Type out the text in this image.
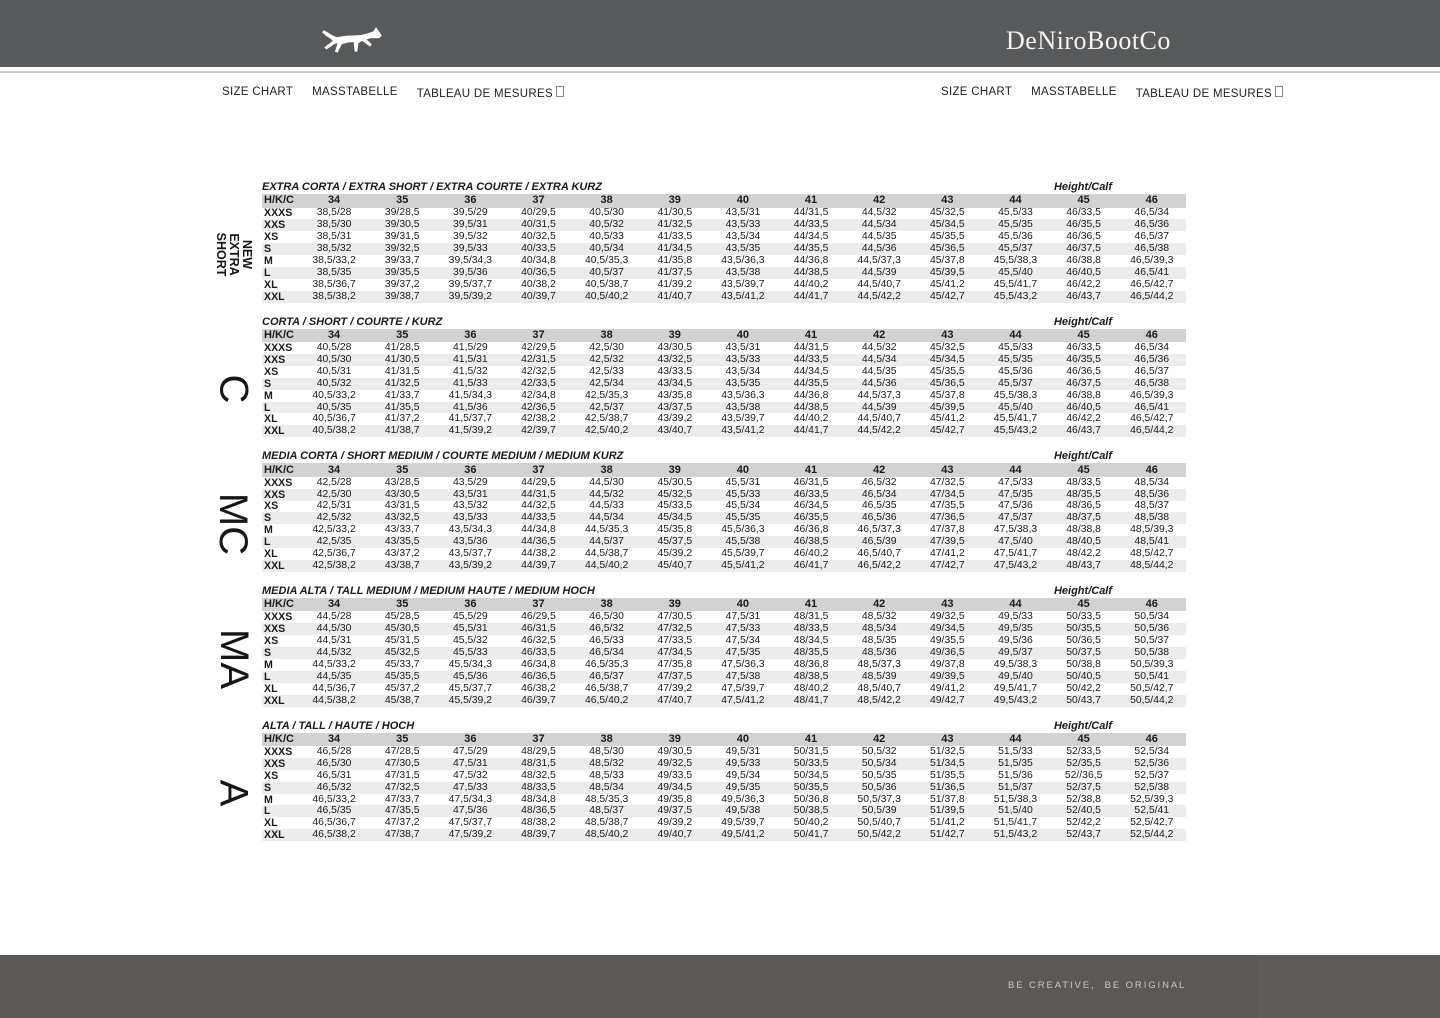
DeNiroBootCo
SIZE CHART MASSTABELLE TABLEAU DE MESURES	SIZE CHART MASSTABELLE TABLEAU DE MESURES
NEW EXTRA SHORT
EXTRA CORTA / EXTRA SHORT / EXTRA COURTE / EXTRA KURZ	Height/Calf
H/K/C	34	35	36	37	38	39	40	41	42	43	44	45	46
XXXS	38,5/28	39/28,5	39,5/29	40/29,5	40,5/30	41/30,5	43,5/31	44/31,5	44,5/32	45/32,5	45,5/33	46/33,5	46,5/34
XXS	38,5/30	39/30,5	39,5/31	40/31,5	40,5/32	41/32,5	43,5/33	44/33,5	44,5/34	45/34,5	45,5/35	46/35,5	46,5/36
XS	38,5/31	39/31,5	39,5/32	40/32,5	40,5/33	41/33,5	43,5/34	44/34,5	44,5/35	45/35,5	45,5/36	46/36,5	46,5/37
S	38,5/32	39/32,5	39,5/33	40/33,5	40,5/34	41/34,5	43,5/35	44/35,5	44,5/36	45/36,5	45,5/37	46/37,5	46,5/38
M	38,5/33,2	39/33,7	39,5/34,3	40/34,8	40,5/35,3	41/35,8	43,5/36,3	44/36,8	44,5/37,3	45/37,8	45,5/38,3	46/38,8	46,5/39,3
L	38,5/35	39/35,5	39,5/36	40/36,5	40,5/37	41/37,5	43,5/38	44/38,5	44,5/39	45/39,5	45,5/40	46/40,5	46,5/41
XL	38,5/36,7	39/37,2	39,5/37,7	40/38,2	40,5/38,7	41/39,2	43,5/39,7	44/40,2	44,5/40,7	45/41,2	45,5/41,7	46/42,2	46,5/42,7
XXL	38,5/38,2	39/38,7	39,5/39,2	40/39,7	40,5/40,2	41/40,7	43,5/41,2	44/41,7	44,5/42,2	45/42,7	45,5/43,2	46/43,7	46,5/44,2
C
CORTA / SHORT / COURTE / KURZ	Height/Calf
H/K/C	34	35	36	37	38	39	40	41	42	43	44	45	46
XXXS	40,5/28	41/28,5	41,5/29	42/29,5	42,5/30	43/30,5	43,5/31	44/31,5	44,5/32	45/32,5	45,5/33	46/33,5	46,5/34
XXS	40,5/30	41/30,5	41,5/31	42/31,5	42,5/32	43/32,5	43,5/33	44/33,5	44,5/34	45/34,5	45,5/35	46/35,5	46,5/36
XS	40,5/31	41/31,5	41,5/32	42/32,5	42,5/33	43/33,5	43,5/34	44/34,5	44,5/35	45/35,5	45,5/36	46/36,5	46,5/37
S	40,5/32	41/32,5	41,5/33	42/33,5	42,5/34	43/34,5	43,5/35	44/35,5	44,5/36	45/36,5	45,5/37	46/37,5	46,5/38
M	40,5/33,2	41/33,7	41,5/34,3	42/34,8	42,5/35,3	43/35,8	43,5/36,3	44/36,8	44,5/37,3	45/37,8	45,5/38,3	46/38,8	46,5/39,3
L	40,5/35	41/35,5	41,5/36	42/36,5	42,5/37	43/37,5	43,5/38	44/38,5	44,5/39	45/39,5	45,5/40	46/40,5	46,5/41
XL	40,5/36,7	41/37,2	41,5/37,7	42/38,2	42,5/38,7	43/39,2	43,5/39,7	44/40,2	44,5/40,7	45/41,2	45,5/41,7	46/42,2	46,5/42,7
XXL	40,5/38,2	41/38,7	41,5/39,2	42/39,7	42,5/40,2	43/40,7	43,5/41,2	44/41,7	44,5/42,2	45/42,7	45,5/43,2	46/43,7	46,5/44,2
MC
MEDIA CORTA / SHORT MEDIUM / COURTE MEDIUM / MEDIUM KURZ	Height/Calf
H/K/C	34	35	36	37	38	39	40	41	42	43	44	45	46
XXXS	42,5/28	43/28,5	43,5/29	44/29,5	44,5/30	45/30,5	45,5/31	46/31,5	46,5/32	47/32,5	47,5/33	48/33,5	48,5/34
XXS	42,5/30	43/30,5	43,5/31	44/31,5	44,5/32	45/32,5	45,5/33	46/33,5	46,5/34	47/34,5	47,5/35	48/35,5	48,5/36
XS	42,5/31	43/31,5	43,5/32	44/32,5	44,5/33	45/33,5	45,5/34	46/34,5	46,5/35	47/35,5	47,5/36	48/36,5	48,5/37
S	42,5/32	43/32,5	43,5/33	44/33,5	44,5/34	45/34,5	45,5/35	46/35,5	46,5/36	47/36,5	47,5/37	48/37,5	48,5/38
M	42,5/33,2	43/33,7	43,5/34,3	44/34,8	44,5/35,3	45/35,8	45,5/36,3	46/36,8	46,5/37,3	47/37,8	47,5/38,3	48/38,8	48,5/39,3
L	42,5/35	43/35,5	43,5/36	44/36,5	44,5/37	45/37,5	45,5/38	46/38,5	46,5/39	47/39,5	47,5/40	48/40,5	48,5/41
XL	42,5/36,7	43/37,2	43,5/37,7	44/38,2	44,5/38,7	45/39,2	45,5/39,7	46/40,2	46,5/40,7	47/41,2	47,5/41,7	48/42,2	48,5/42,7
XXL	42,5/38,2	43/38,7	43,5/39,2	44/39,7	44,5/40,2	45/40,7	45,5/41,2	46/41,7	46,5/42,2	47/42,7	47,5/43,2	48/43,7	48,5/44,2
MA
MEDIA ALTA / TALL MEDIUM / MEDIUM HAUTE / MEDIUM HOCH	Height/Calf
H/K/C	34	35	36	37	38	39	40	41	42	43	44	45	46
XXXS	44,5/28	45/28,5	45,5/29	46/29,5	46,5/30	47/30,5	47,5/31	48/31,5	48,5/32	49/32,5	49,5/33	50/33,5	50,5/34
XXS	44,5/30	45/30,5	45,5/31	46/31,5	46,5/32	47/32,5	47,5/33	48/33,5	48,5/34	49/34,5	49,5/35	50/35,5	50,5/36
XS	44,5/31	45/31,5	45,5/32	46/32,5	46,5/33	47/33,5	47,5/34	48/34,5	48,5/35	49/35,5	49,5/36	50/36,5	50,5/37
S	44,5/32	45/32,5	45,5/33	46/33,5	46,5/34	47/34,5	47,5/35	48/35,5	48,5/36	49/36,5	49,5/37	50/37,5	50,5/38
M	44,5/33,2	45/33,7	45,5/34,3	46/34,8	46,5/35,3	47/35,8	47,5/36,3	48/36,8	48,5/37,3	49/37,8	49,5/38,3	50/38,8	50,5/39,3
L	44,5/35	45/35,5	45,5/36	46/36,5	46,5/37	47/37,5	47,5/38	48/38,5	48,5/39	49/39,5	49,5/40	50/40,5	50,5/41
XL	44,5/36,7	45/37,2	45,5/37,7	46/38,2	46,5/38,7	47/39,2	47,5/39,7	48/40,2	48,5/40,7	49/41,2	49,5/41,7	50/42,2	50,5/42,7
XXL	44,5/38,2	45/38,7	45,5/39,2	46/39,7	46,5/40,2	47/40,7	47,5/41,2	48/41,7	48,5/42,2	49/42,7	49,5/43,2	50/43,7	50,5/44,2
A
ALTA / TALL / HAUTE / HOCH	Height/Calf
H/K/C	34	35	36	37	38	39	40	41	42	43	44	45	46
XXXS	46,5/28	47/28,5	47,5/29	48/29,5	48,5/30	49/30,5	49,5/31	50/31,5	50,5/32	51/32,5	51,5/33	52/33,5	52,5/34
XXS	46,5/30	47/30,5	47,5/31	48/31,5	48,5/32	49/32,5	49,5/33	50/33,5	50,5/34	51/34,5	51,5/35	52/35,5	52,5/36
XS	46,5/31	47/31,5	47,5/32	48/32,5	48,5/33	49/33,5	49,5/34	50/34,5	50,5/35	51/35,5	51,5/36	52//36,5	52,5/37
S	46,5/32	47/32,5	47,5/33	48/33,5	48,5/34	49/34,5	49,5/35	50/35,5	50,5/36	51/36,5	51,5/37	52/37,5	52,5/38
M	46,5/33,2	47/33,7	47,5/34,3	48/34,8	48,5/35,3	49/35,8	49,5/36,3	50/36,8	50,5/37,3	51/37,8	51,5/38,3	52/38,8	52,5/39,3
L	46,5/35	47/35,5	47,5/36	48/36,5	48,5/37	49/37,5	49,5/38	50/38,5	50,5/39	51/39,5	51,5/40	52/40,5	52,5/41
XL	46,5/36,7	47/37,2	47,5/37,7	48/38,2	48,5/38,7	49/39,2	49,5/39,7	50/40,2	50,5/40,7	51/41,2	51,5/41,7	52/42,2	52,5/42,7
XXL	46,5/38,2	47/38,7	47,5/39,2	48/39,7	48,5/40,2	49/40,7	49,5/41,2	50/41,7	50,5/42,2	51/42,7	51,5/43,2	52/43,7	52,5/44,2
BE CREATIVE,  BE ORIGINAL
